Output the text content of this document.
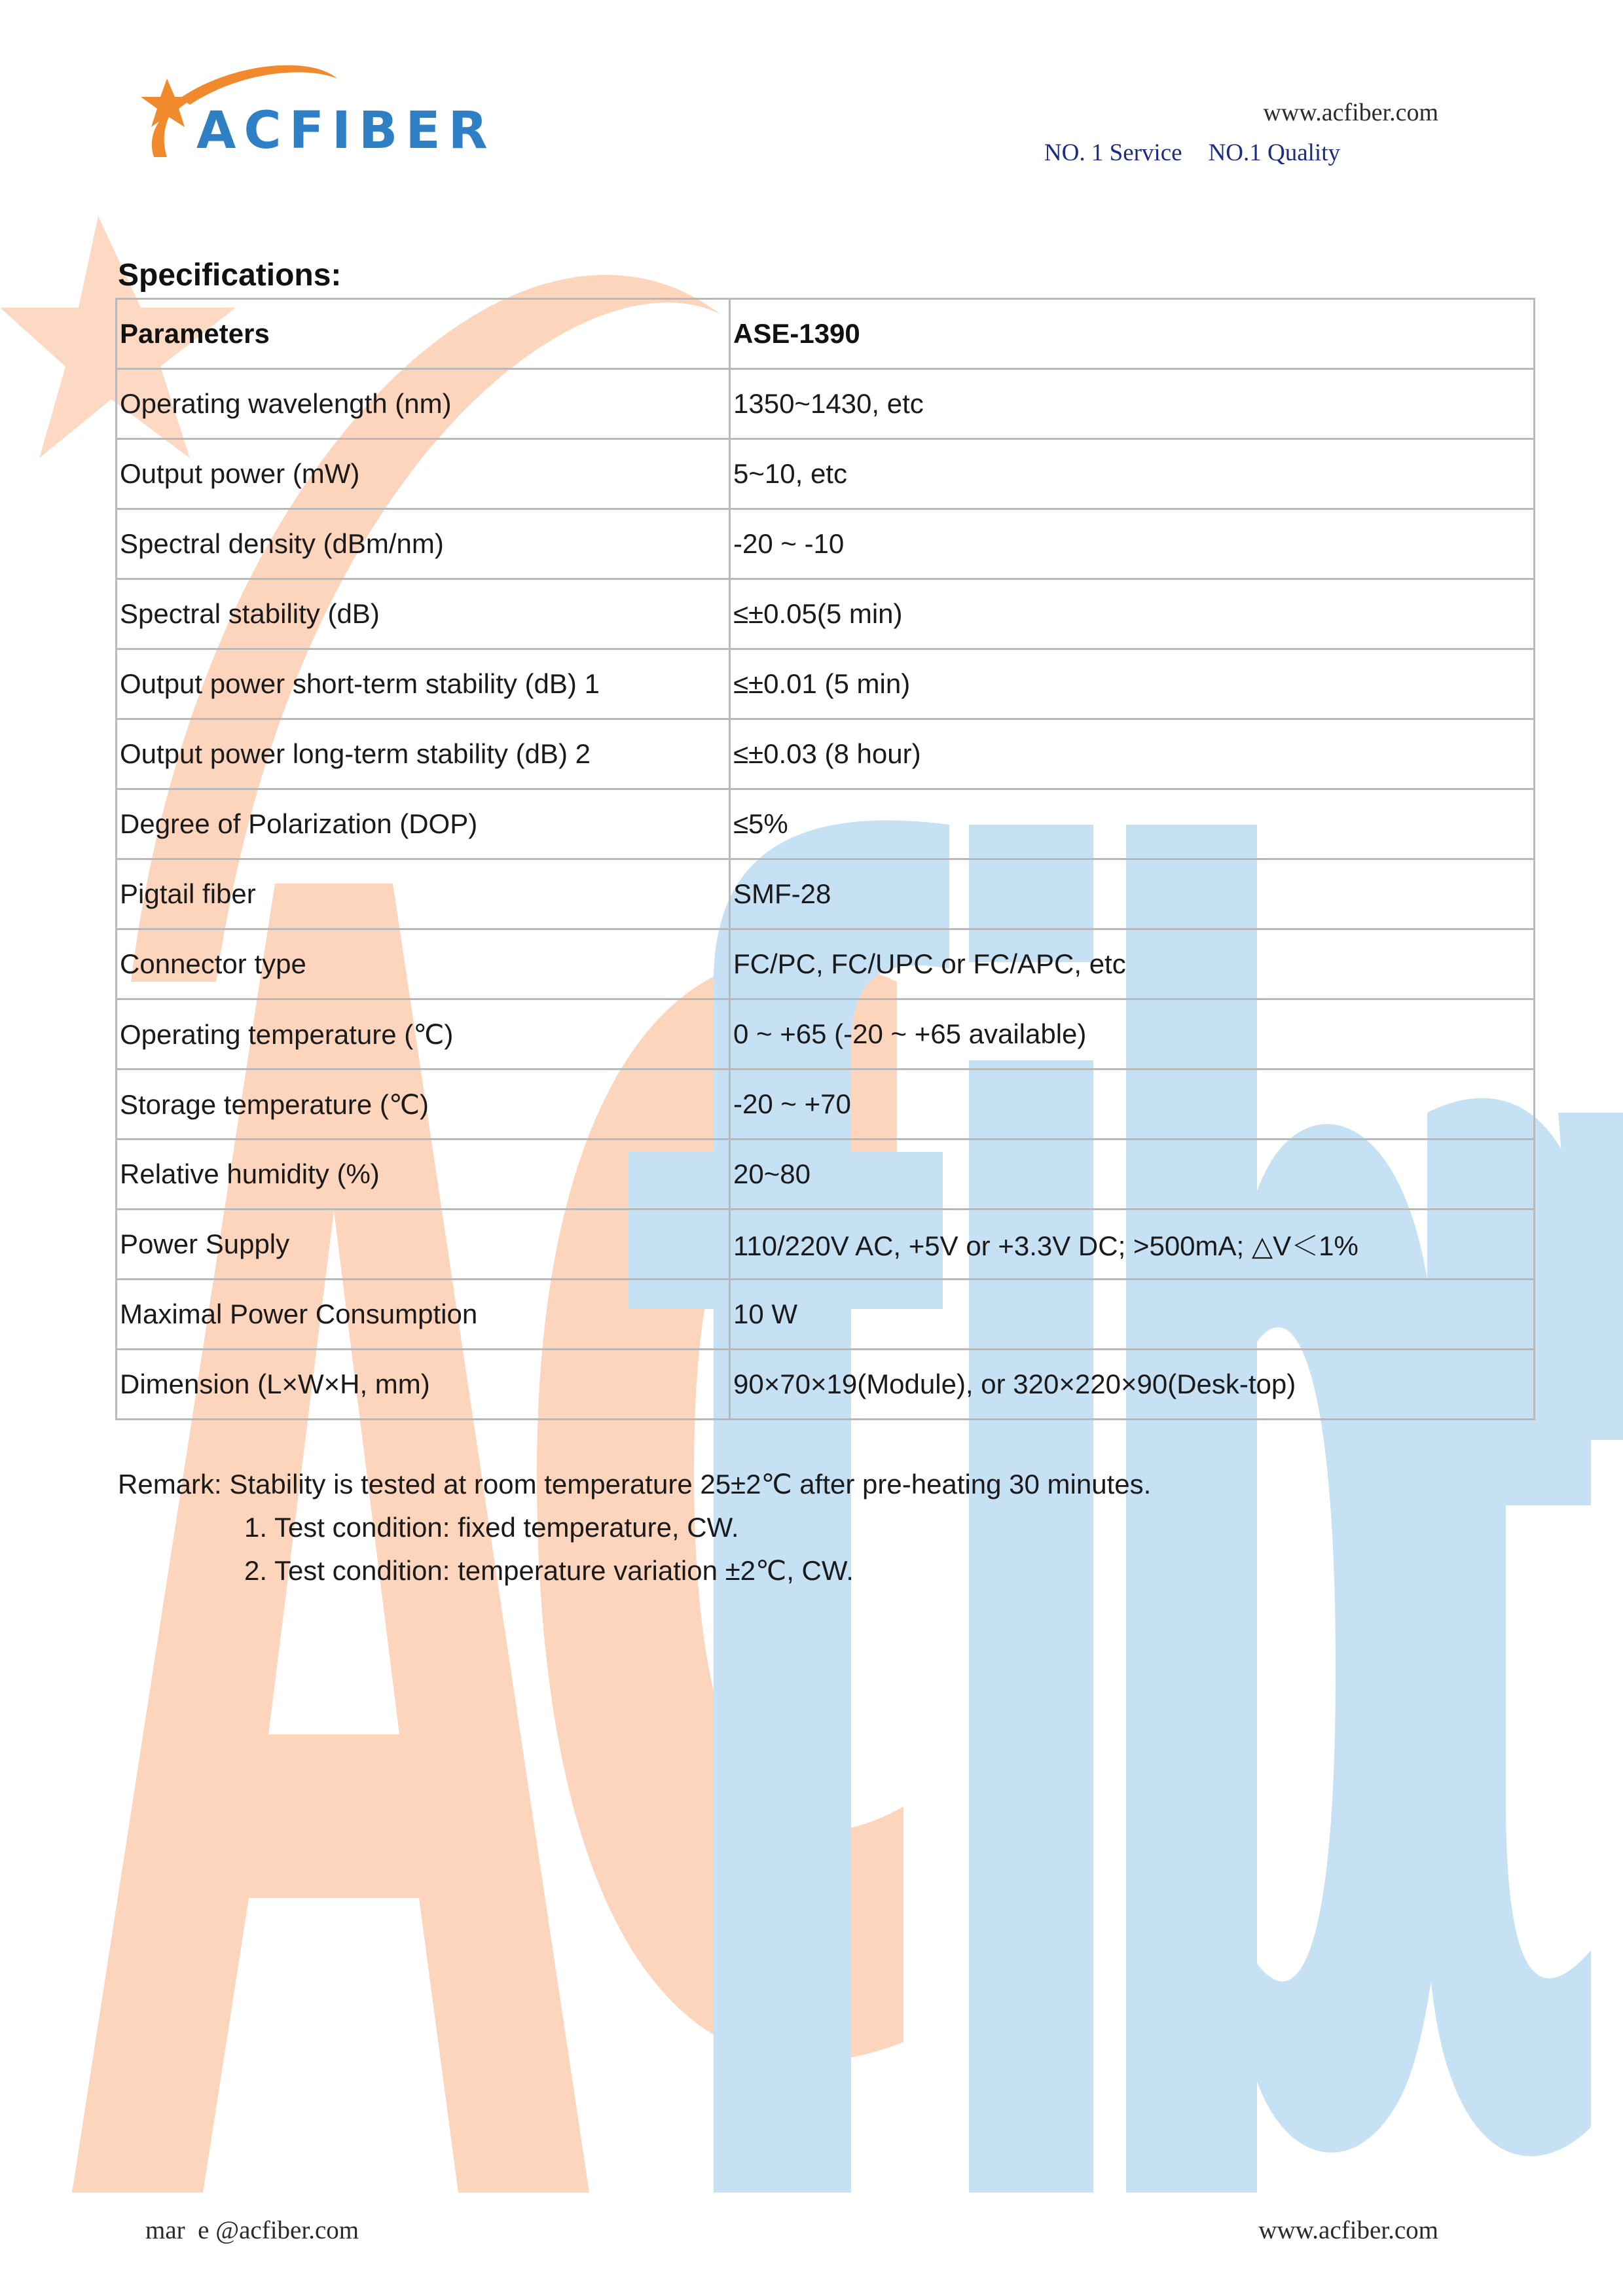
ACFIBER	www.acfiber.com
NO. 1 Service NO.1 Quality
Specifications:
Parameters	ASE-1390
Operating wavelength (nm)	1350~1430, etc
Output power (mW)	5~10, etc
Spectral density (dBm/nm)	-20 ~ -10
Spectral stability (dB)	≤±0.05(5 min)
Output power short-term stability (dB) 1	≤±0.01 (5 min)
Output power long-term stability (dB) 2	≤±0.03 (8 hour)
Degree of Polarization (DOP)	≤5%
Pigtail fiber	SMF-28
Connector type	FC/PC, FC/UPC or FC/APC, etc
Operating temperature (℃)	0 ~ +65 (-20 ~ +65 available)
Storage temperature (℃)	-20 ~ +70
Relative humidity (%)	20~80
Power Supply	110/220V AC, +5V or +3.3V DC; >500mA; △V＜1%
Maximal Power Consumption	10 W
Dimension (L×W×H, mm)	90×70×19(Module), or 320×220×90(Desk-top)
Remark: Stability is tested at room temperature 25±2℃ after pre-heating 30 minutes.
1. Test condition: fixed temperature, CW.
2. Test condition: temperature variation ±2℃, CW.
mar  e @acfiber.com	www.acfiber.com
